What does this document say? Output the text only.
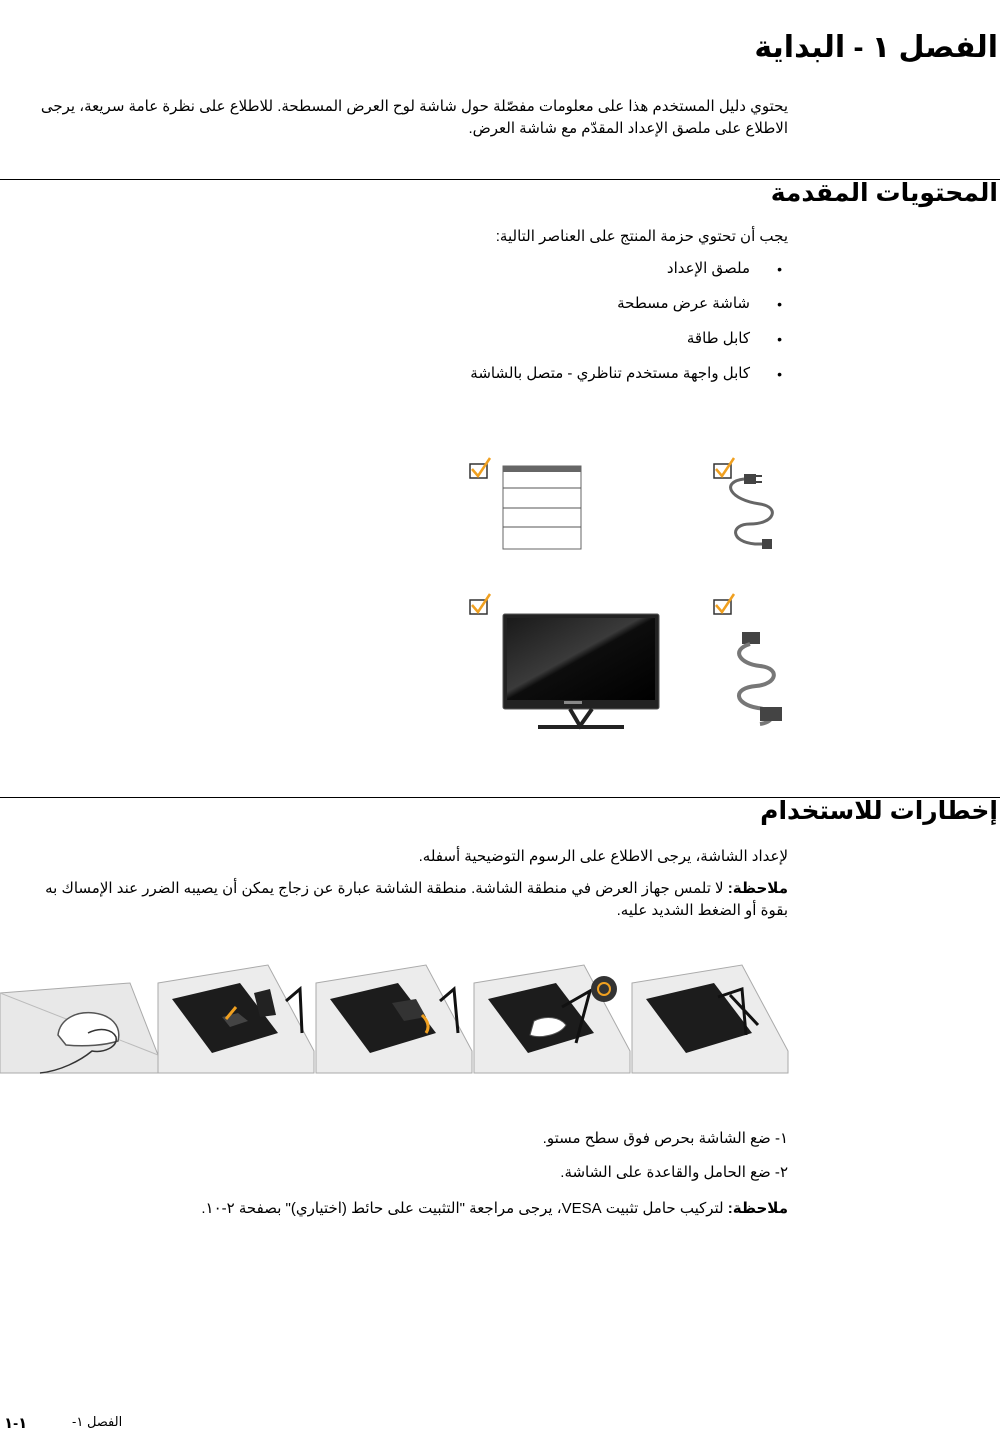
الفصل ١ - البداية

يحتوي دليل المستخدم هذا على معلومات مفصّلة حول شاشة لوح العرض المسطحة. للاطلاع على نظرة عامة سريعة، يرجى الاطلاع على ملصق الإعداد المقدّم مع شاشة العرض.

المحتويات المقدمة

يجب أن تحتوي حزمة المنتج على العناصر التالية:

• ملصق الإعداد
• شاشة عرض مسطحة
• كابل طاقة
• كابل واجهة مستخدم تناظري - متصل بالشاشة
إخطارات للاستخدام

لإعداد الشاشة، يرجى الاطلاع على الرسوم التوضيحية أسفله.

ملاحظة: لا تلمس جهاز العرض في منطقة الشاشة. منطقة الشاشة عبارة عن زجاج يمكن أن يصيبه الضرر عند الإمساك به بقوة أو الضغط الشديد عليه.

١- ضع الشاشة بحرص فوق سطح مستو.
٢- ضع الحامل والقاعدة على الشاشة.

ملاحظة: لتركيب حامل تثبيت VESA، يرجى مراجعة "التثبيت على حائط (اختياري)" بصفحة ٢-١٠.

١-١	الفصل ١-
